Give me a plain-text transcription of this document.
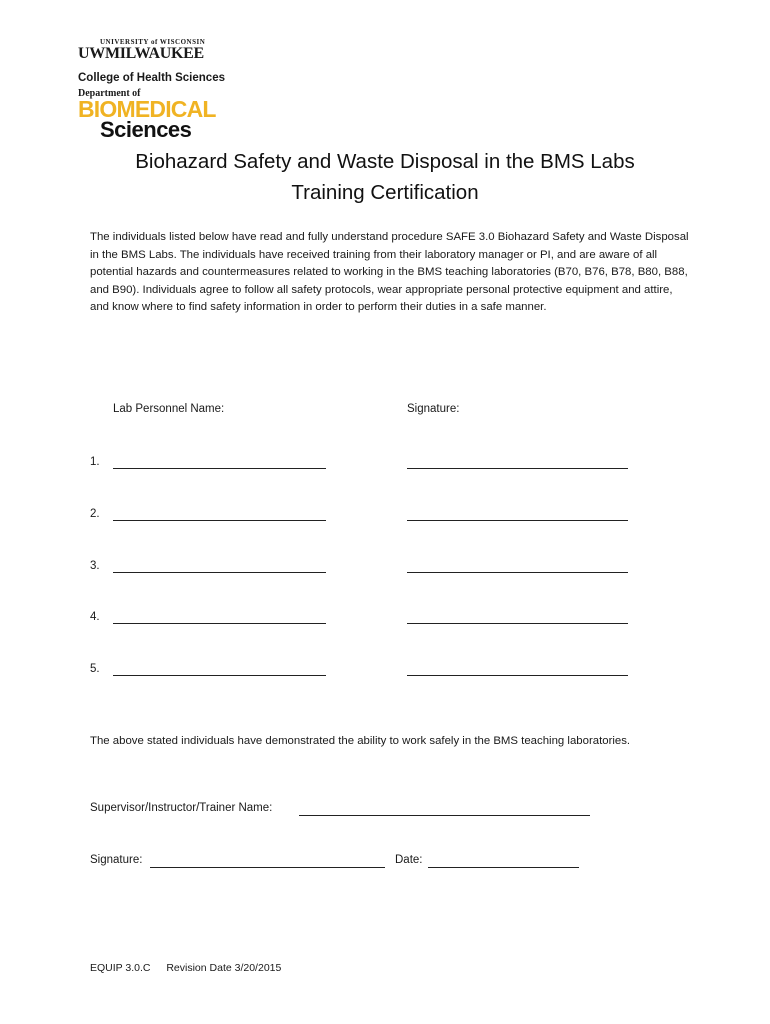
UNIVERSITY of WISCONSIN
UWMILWAUKEE
College of Health Sciences
Department of
BIOMEDICAL
Sciences
Biohazard Safety and Waste Disposal in the BMS Labs
Training Certification

The individuals listed below have read and fully understand procedure SAFE 3.0 Biohazard Safety and Waste Disposal in the BMS Labs. The individuals have received training from their laboratory manager or PI, and are aware of all potential hazards and countermeasures related to working in the BMS teaching laboratories (B70, B76, B78, B80, B88, and B90). Individuals agree to follow all safety protocols, wear appropriate personal protective equipment and attire, and know where to find safety information in order to perform their duties in a safe manner.

Lab Personnel Name:	Signature:
1.
2.
3.
4.
5.

The above stated individuals have demonstrated the ability to work safely in the BMS teaching laboratories.

Supervisor/Instructor/Trainer Name:
Signature:	Date:
EQUIP 3.0.C Revision Date 3/20/2015
